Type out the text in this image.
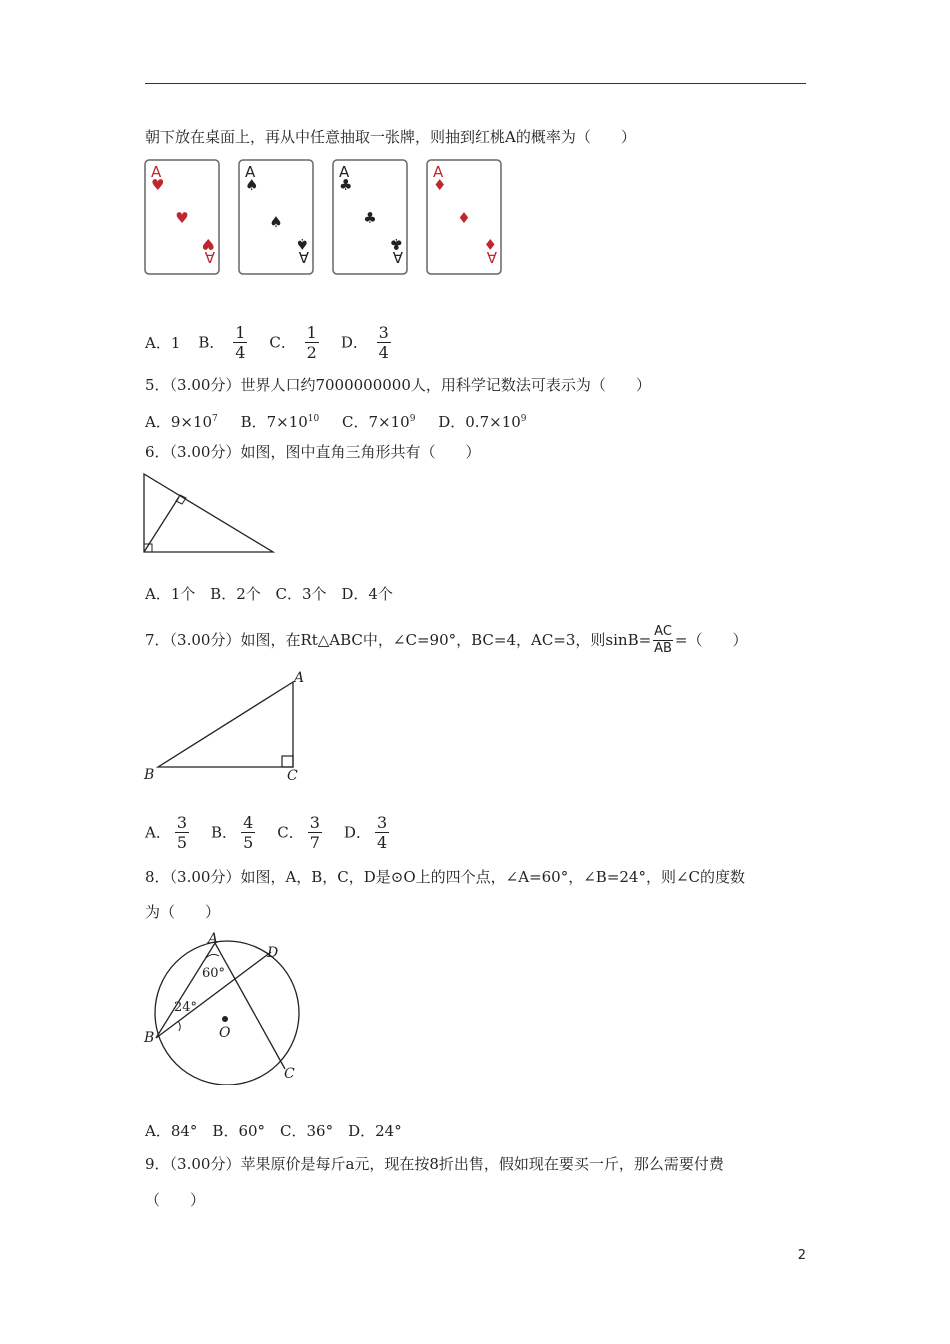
朝下放在桌面上，再从中任意抽取一张牌，则抽到红桃A的概率为（　　）
A
♥
♥
A
♥
A
♠
♠
A
♠
A
♣
♣
A
♣
A
♦
♦
A
♦
A．1 B． $\frac{1}{4}$ C． $\frac{1}{2}$ D． $\frac{3}{4}$
5．（3.00分）世界人口约7000000000人，用科学记数法可表示为（　　）
A．$9\times 10^7$ B．$7\times 10^{10}$ C．$7\times 10^9$ D．$0.7\times 10^9$
6．（3.00分）如图，图中直角三角形共有（　　）
A．1个 B．2个 C．3个 D．4个
7．（3.00分）如图，在Rt△ABC中，∠C=90°，BC=4，AC=3，则$\sin B= \frac{AC}{AB}$ =（　　）
A
B	C
A． $\frac{3}{5}$ B． $\frac{4}{5}$ C． $\frac{3}{7}$ D． $\frac{3}{4}$
8．（3.00分）如图，A，B，C，D是⊙O上的四个点，∠A=60°，∠B=24°，则∠C的度数
为（　　）
A
D
B
C
O
60°
24°
A．84°　B．60°　C．36°　D．24°
9．（3.00分）苹果原价是每斤a元，现在按8折出售，假如现在要买一斤，那么需要付费
（　　）
2
